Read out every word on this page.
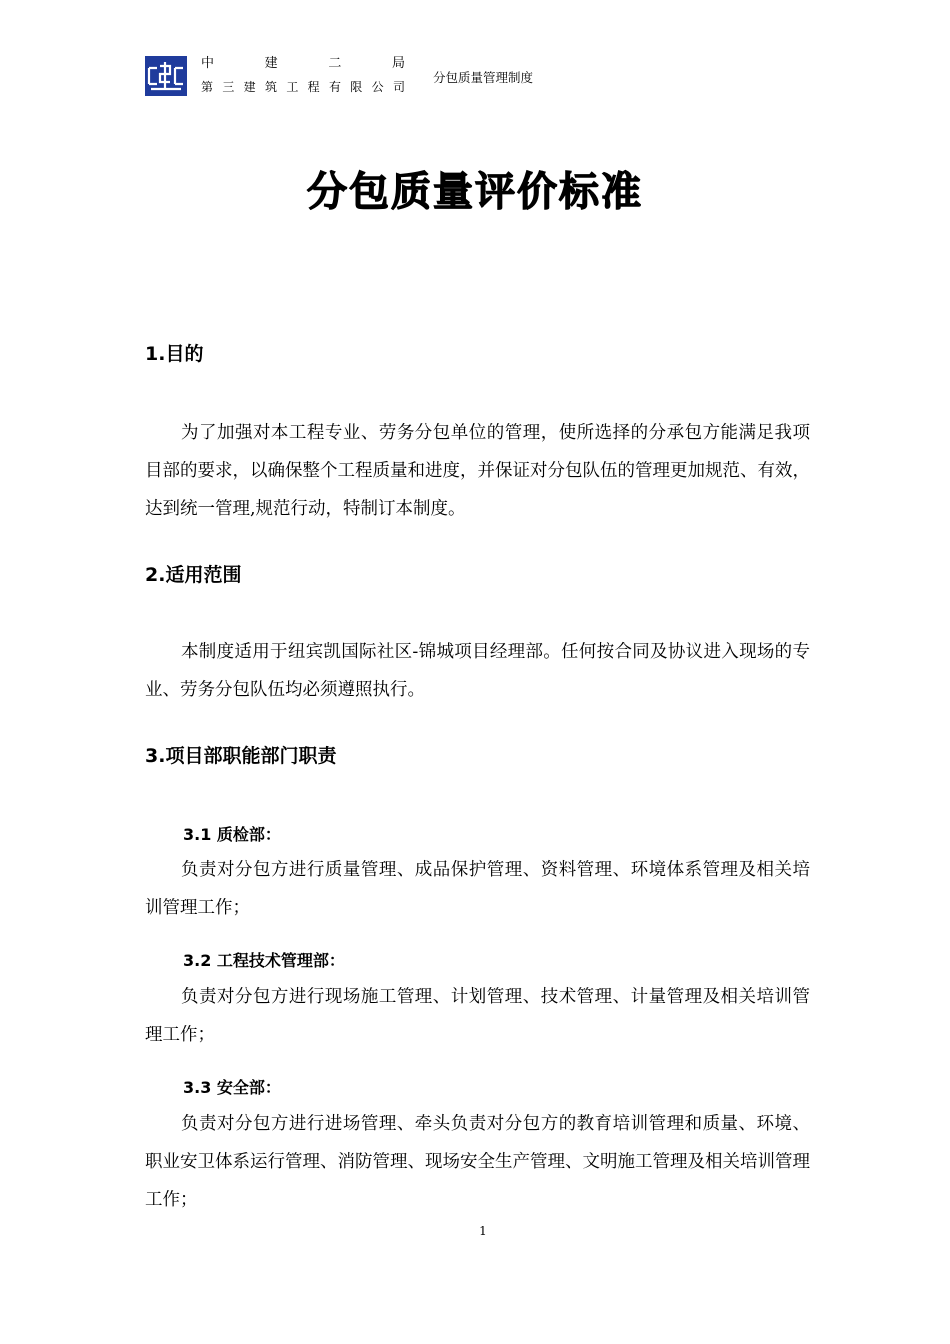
中	建	二	局
第 三 建 筑 工 程 有 限 公 司
分包质量管理制度
分包质量评价标准
1.目的
为了加强对本工程专业、劳务分包单位的管理，使所选择的分承包方能满足我项目部的要求，以确保整个工程质量和进度，并保证对分包队伍的管理更加规范、有效，达到统一管理,规范行动，特制订本制度。
2.适用范围
本制度适用于纽宾凯国际社区-锦城项目经理部。任何按合同及协议进入现场的专业、劳务分包队伍均必须遵照执行。
3.项目部职能部门职责
3.1 质检部：
负责对分包方进行质量管理、成品保护管理、资料管理、环境体系管理及相关培训管理工作；
3.2 工程技术管理部：
负责对分包方进行现场施工管理、计划管理、技术管理、计量管理及相关培训管理工作；
3.3 安全部：
负责对分包方进行进场管理、牵头负责对分包方的教育培训管理和质量、环境、职业安卫体系运行管理、消防管理、现场安全生产管理、文明施工管理及相关培训管理工作；
1
